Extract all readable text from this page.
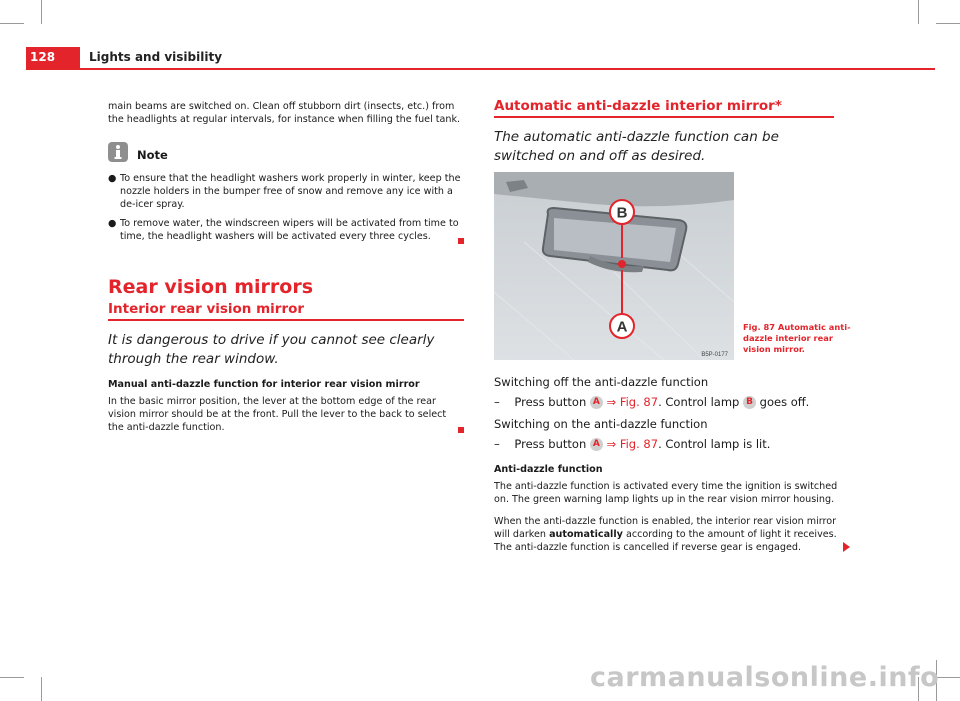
128	Lights and visibility

main beams are switched on. Clean off stubborn dirt (insects, etc.) from the headlights at regular intervals, for instance when filling the fuel tank.

Note
● To ensure that the headlight washers work properly in winter, keep the nozzle holders in the bumper free of snow and remove any ice with a de-icer spray.
● To remove water, the windscreen wipers will be activated from time to time, the headlight washers will be activated every three cycles.
Rear vision mirrors
Interior rear vision mirror

It is dangerous to drive if you cannot see clearly through the rear window.

Manual anti-dazzle function for interior rear vision mirror

In the basic mirror position, the lever at the bottom edge of the rear vision mirror should be at the front. Pull the lever to the back to select the anti-dazzle function.

Automatic anti-dazzle interior mirror*

The automatic anti-dazzle function can be switched on and off as desired.

B
A
B5P-0177

Fig. 87 Automatic anti-dazzle interior rear vision mirror.

Switching off the anti-dazzle function

– Press button A ⇒ Fig. 87. Control lamp B goes off.

Switching on the anti-dazzle function

– Press button A ⇒ Fig. 87. Control lamp is lit.

Anti-dazzle function

The anti-dazzle function is activated every time the ignition is switched on. The green warning lamp lights up in the rear vision mirror housing.

When the anti-dazzle function is enabled, the interior rear vision mirror will darken automatically according to the amount of light it receives. The anti-dazzle function is cancelled if reverse gear is engaged.

carmanualsonline.info
